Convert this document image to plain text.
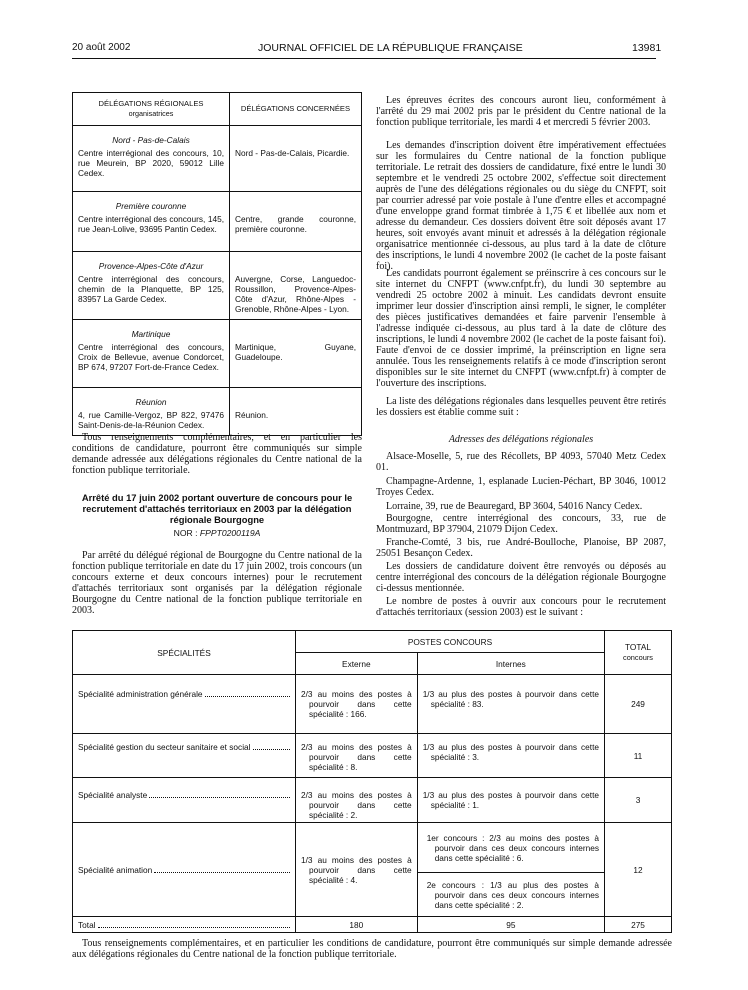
20 août 2002	JOURNAL OFFICIEL DE LA RÉPUBLIQUE FRANÇAISE	13981
DÉLÉGATIONS RÉGIONALES
organisatrices	DÉLÉGATIONS CONCERNÉES

Nord - Pas-de-Calais
Centre interrégional des concours, 10, rue Meurein, BP 2020, 59012 Lille Cedex.	Nord - Pas-de-Calais, Picardie.

Première couronne
Centre interrégional des concours, 145, rue Jean-Lolive, 93695 Pantin Cedex.	Centre, grande couronne, première couronne.

Provence-Alpes-Côte d'Azur
Centre interrégional des concours, chemin de la Planquette, BP 125, 83957 La Garde Cedex.	Auvergne, Corse, Languedoc-Roussillon, Provence-Alpes-Côte d'Azur, Rhône-Alpes - Grenoble, Rhône-Alpes - Lyon.

Martinique
Centre interrégional des concours, Croix de Bellevue, avenue Condorcet, BP 674, 97207 Fort-de-France Cedex.	Martinique, Guyane, Guadeloupe.

Réunion
4, rue Camille-Vergoz, BP 822, 97476 Saint-Denis-de-la-Réunion Cedex.	Réunion.

Tous renseignements complémentaires, et en particulier les conditions de candidature, pourront être communiqués sur simple demande adressée aux délégations régionales du Centre national de la fonction publique territoriale.

Arrêté du 17 juin 2002 portant ouverture de concours pour le recrutement d'attachés territoriaux en 2003 par la délégation régionale Bourgogne

NOR : FPPT0200119A

Par arrêté du délégué régional de Bourgogne du Centre national de la fonction publique territoriale en date du 17 juin 2002, trois concours (un concours externe et deux concours internes) pour le recrutement d'attachés territoriaux sont organisés par la délégation régionale Bourgogne du Centre national de la fonction publique territoriale en 2003.

Les épreuves écrites des concours auront lieu, conformément à l'arrêté du 29 mai 2002 pris par le président du Centre national de la fonction publique territoriale, les mardi 4 et mercredi 5 février 2003.

Les demandes d'inscription doivent être impérativement effectuées sur les formulaires du Centre national de la fonction publique territoriale. Le retrait des dossiers de candidature, fixé entre le lundi 30 septembre et le vendredi 25 octobre 2002, s'effectue soit directement auprès de l'une des délégations régionales ou du siège du CNFPT, soit par courrier adressé par voie postale à l'une d'entre elles et accompagné d'une enveloppe grand format timbrée à 1,75 € et libellée aux nom et adresse du demandeur. Ces dossiers doivent être soit déposés avant 17 heures, soit envoyés avant minuit et adressés à la délégation régionale organisatrice mentionnée ci-dessous, au plus tard à la date de clôture des inscriptions, le lundi 4 novembre 2002 (le cachet de la poste faisant foi).

Les candidats pourront également se préinscrire à ces concours sur le site internet du CNFPT (www.cnfpt.fr), du lundi 30 septembre au vendredi 25 octobre 2002 à minuit. Les candidats devront ensuite imprimer leur dossier d'inscription ainsi rempli, le signer, le compléter des pièces justificatives demandées et faire parvenir l'ensemble à l'adresse indiquée ci-dessous, au plus tard à la date de clôture des inscriptions, le lundi 4 novembre 2002 (le cachet de la poste faisant foi). Faute d'envoi de ce dossier imprimé, la préinscription en ligne sera annulée. Tous les renseignements relatifs à ce mode d'inscription seront disponibles sur le site internet du CNFPT (www.cnfpt.fr) à compter de l'ouverture des inscriptions.

La liste des délégations régionales dans lesquelles peuvent être retirés les dossiers est établie comme suit :

Adresses des délégations régionales

Alsace-Moselle, 5, rue des Récollets, BP 4093, 57040 Metz Cedex 01.

Champagne-Ardenne, 1, esplanade Lucien-Péchart, BP 3046, 10012 Troyes Cedex.

Lorraine, 39, rue de Beauregard, BP 3604, 54016 Nancy Cedex.

Bourgogne, centre interrégional des concours, 33, rue de Montmuzard, BP 37904, 21079 Dijon Cedex.

Franche-Comté, 3 bis, rue André-Boulloche, Planoise, BP 2087, 25051 Besançon Cedex.

Les dossiers de candidature doivent être renvoyés ou déposés au centre interrégional des concours de la délégation régionale Bourgogne ci-dessus mentionnée.

Le nombre de postes à ouvrir aux concours pour le recrutement d'attachés territoriaux (session 2003) est le suivant :

SPÉCIALITÉS	POSTES CONCOURS		TOTAL
concours
	Externe	Internes	

Spécialité administration générale	2/3 au moins des postes à pourvoir dans cette spécialité : 166.	1/3 au plus des postes à pourvoir dans cette spécialité : 83.	249

Spécialité gestion du secteur sanitaire et social	2/3 au moins des postes à pourvoir dans cette spécialité : 8.	1/3 au plus des postes à pourvoir dans cette spécialité : 3.	11

Spécialité analyste	2/3 au moins des postes à pourvoir dans cette spécialité : 2.	1/3 au plus des postes à pourvoir dans cette spécialité : 1.	3

Spécialité animation	1/3 au moins des postes à pourvoir dans cette spécialité : 4.	1er concours : 2/3 au moins des postes à pourvoir dans ces deux concours internes dans cette spécialité : 6.	12

		2e concours : 1/3 au plus des postes à pourvoir dans ces deux concours internes dans cette spécialité : 2.	

Total	180	95	275

Tous renseignements complémentaires, et en particulier les conditions de candidature, pourront être communiqués sur simple demande adressée aux délégations régionales du Centre national de la fonction publique territoriale.
